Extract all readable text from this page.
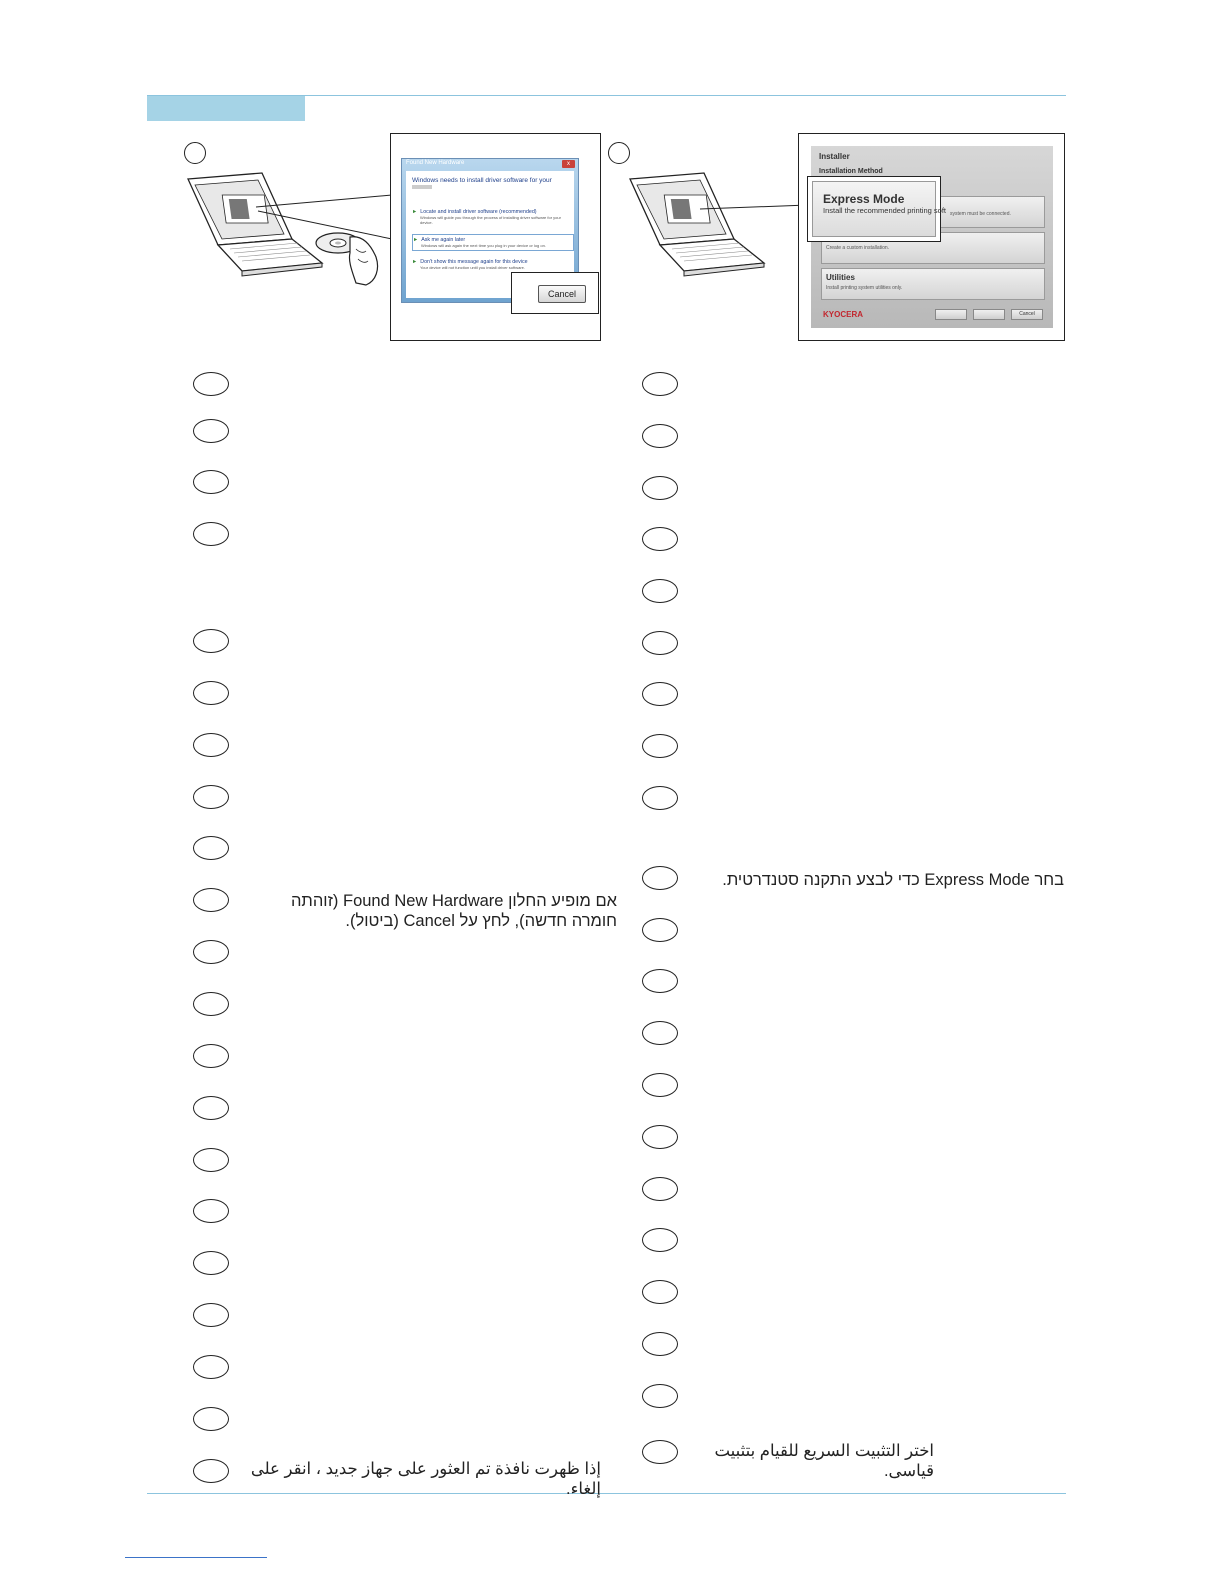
Found New Hardware	x
Windows needs to install driver software for your
► Locate and install driver software (recommended)
Windows will guide you through the process of installing driver software for your device.
► Ask me again later
Windows will ask again the next time you plug in your device or log on.
► Don't show this message again for this device
Your device will not function until you install driver software.
Cancel
Installer
Installation Method
system must be connected.
Create a custom installation.
Utilities
Install printing system utilities only.
KYOCERA	Cancel
Express Mode
Install the recommended printing soft
אם מופיע החלון Found New Hardware (זוהתה חומרה חדשה), לחץ על Cancel (ביטול).
إذا ظهرت نافذة تم العثور على جهاز جديد ، انقر على إلغاء.
בחר Express Mode כדי לבצע התקנה סטנדרטית.
اختر التثبيت السريع للقيام بتثبيت قياسى.
